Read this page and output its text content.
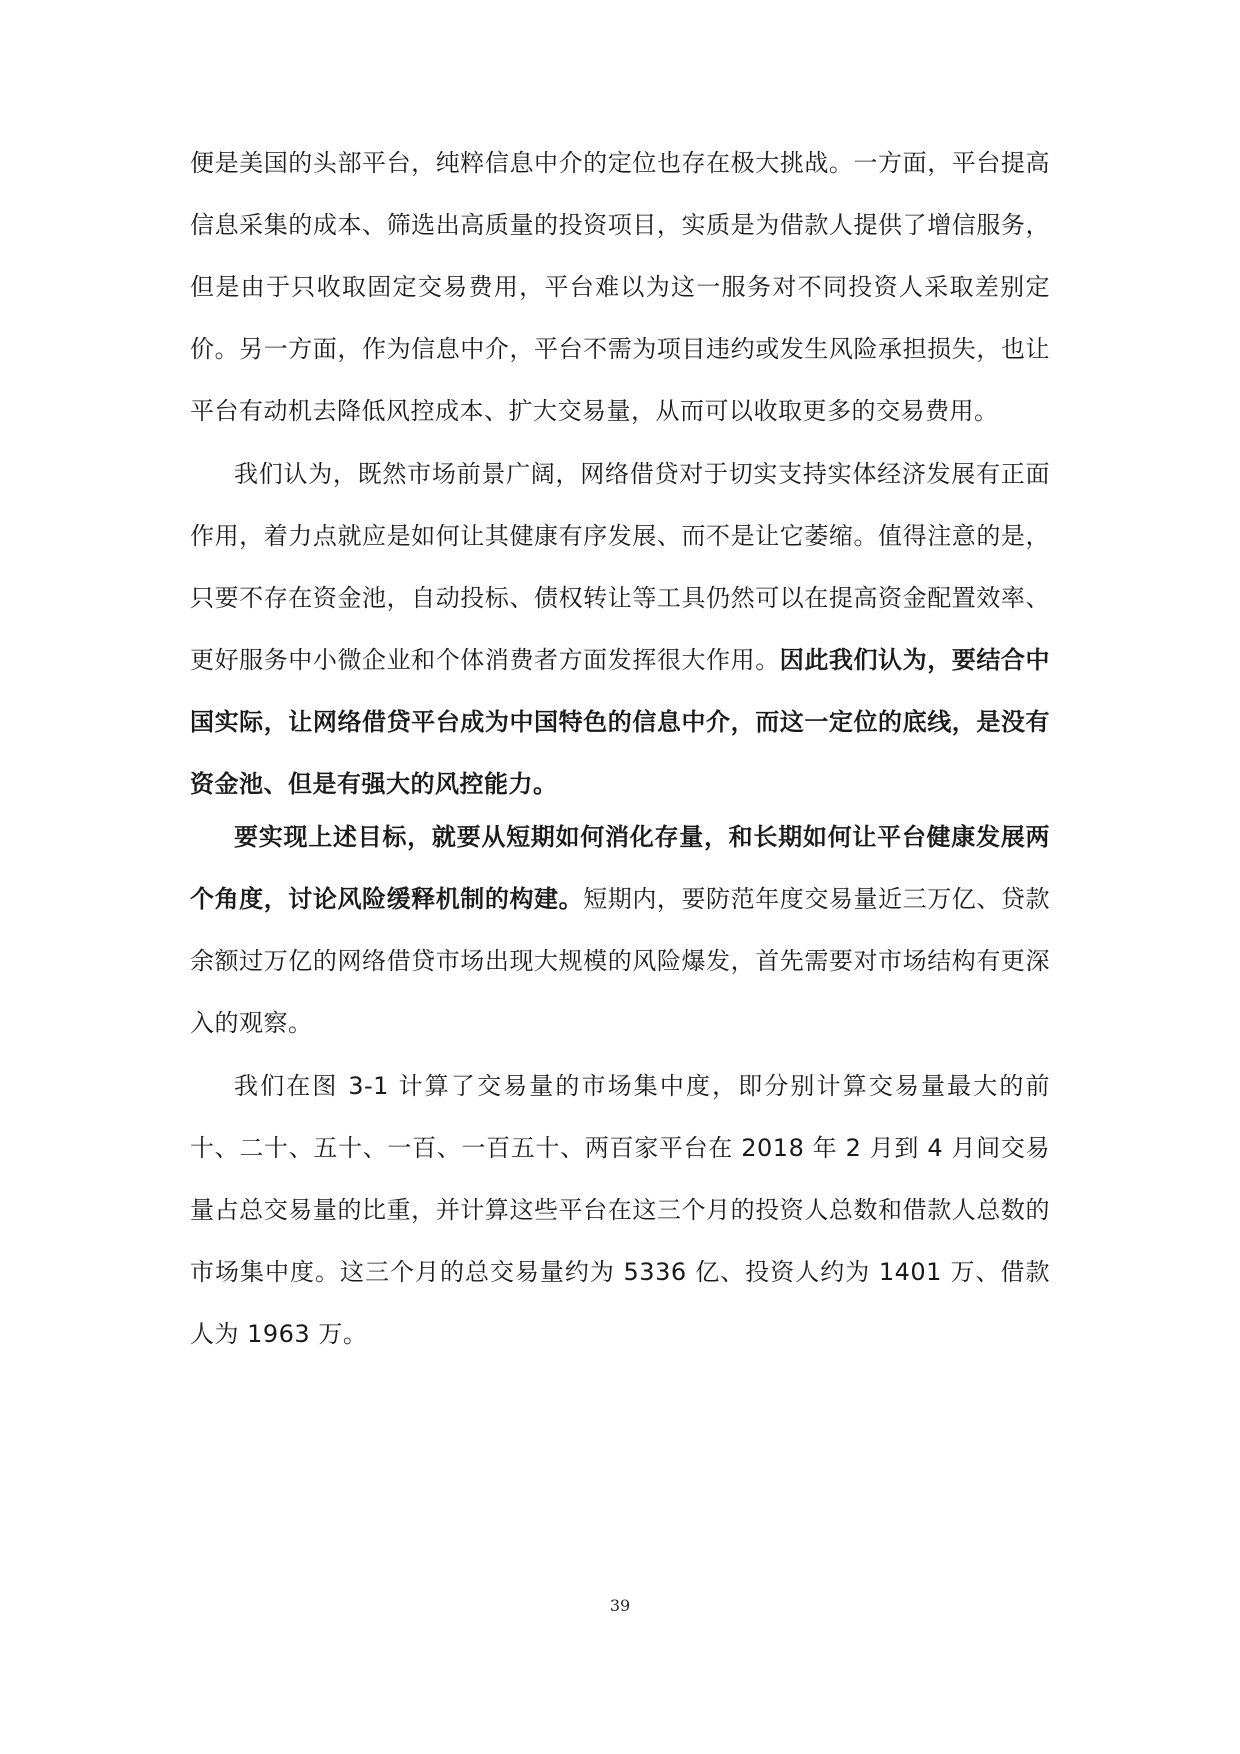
便是美国的头部平台，纯粹信息中介的定位也存在极大挑战。一方面，平台提高信息采集的成本、筛选出高质量的投资项目，实质是为借款人提供了增信服务，但是由于只收取固定交易费用，平台难以为这一服务对不同投资人采取差别定价。另一方面，作为信息中介，平台不需为项目违约或发生风险承担损失，也让平台有动机去降低风控成本、扩大交易量，从而可以收取更多的交易费用。

我们认为，既然市场前景广阔，网络借贷对于切实支持实体经济发展有正面作用，着力点就应是如何让其健康有序发展、而不是让它萎缩。值得注意的是，只要不存在资金池，自动投标、债权转让等工具仍然可以在提高资金配置效率、更好服务中小微企业和个体消费者方面发挥很大作用。因此我们认为，要结合中国实际，让网络借贷平台成为中国特色的信息中介，而这一定位的底线，是没有资金池、但是有强大的风控能力。

要实现上述目标，就要从短期如何消化存量，和长期如何让平台健康发展两个角度，讨论风险缓释机制的构建。短期内，要防范年度交易量近三万亿、贷款余额过万亿的网络借贷市场出现大规模的风险爆发，首先需要对市场结构有更深入的观察。

我们在图 3-1 计算了交易量的市场集中度，即分别计算交易量最大的前十、二十、五十、一百、一百五十、两百家平台在 2018 年 2 月到 4 月间交易量占总交易量的比重，并计算这些平台在这三个月的投资人总数和借款人总数的市场集中度。这三个月的总交易量约为 5336 亿、投资人约为 1401 万、借款人为 1963 万。

39
